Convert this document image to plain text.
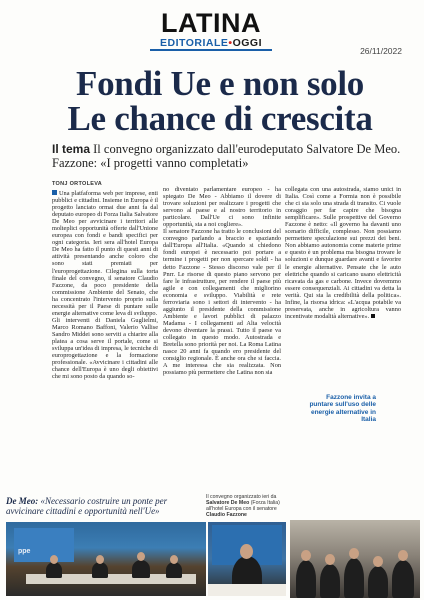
LATINA
EDITORIALE•OGGI
26/11/2022
Fondi Ue e non solo
Le chance di crescita
Il tema Il convegno organizzato dall'eurodeputato Salvatore De Meo. Fazzone: «I progetti vanno completati»
TONJ ORTOLEVA

Una platfaforma web per imprese, enti pubblici e cittadini. Insieme in Europa è il progetto lanciato ormai due anni fa dal deputato europeo di Forza Italia Salvatore De Meo per avvicinare i territori alle molteplici opportunità offerte dall'Unione europea con fondi e bandi specifici per ogni categoria. Ieri sera all'hotel Europa De Meo ha fatto il punto di questi anni di attività presentando anche coloro che sono stati premiati per l'europrogettazione. Cilegina sulla torta finale del convegno, il senatore Claudio Fazzone, da poco presidente della commissione Ambiente del Senato, che ha concentrato l'intervento proprio sulla necessità per il Paese di puntare sulle energie alternative come leva di sviluppo.

Gli interventi di Daniela Guglielmi, Marco Romano Baffoni, Valerio Vallise Sandro Middei sono serviti a chiarire alla platea a cosa serve il portale, come si sviluppa un'idea di impresa, le tecniche di europrogettazione e la formazione professionale. «Avvicinare i cittadini alle chance dell'Europa è uno degli obiettivi che mi sono posto da quando so-

no diventato parlamentare europeo - ha spiegato De Meo - Abbiamo il dovere di trovare soluzioni per realizzare i progetti che servono al paese e al nostro territorio in particolare. Dall'Ue ci sono infinite opportunità, sta a noi cogliere».

Il senatore Fazzone ha tratto le conclusioni del convegno parlando a braccio e spaziando dall'Europa all'Italia. «Quando si chiedono fondi europei è necessario poi portare a termine i progetti per non spercare soldi - ha detto Fazzone - Stesso discorso vale per il Pnrr. Le risorse di questo piano servono per fare le infrastrutture, per rendere il paese più agile e con collegamenti che migliorino economia e sviluppo. Viabilità e rete ferroviaria sono i settori di intervento - ha aggiunto il presidente della commissione Ambiente e lavori pubblici di palazzo Madama - I collegamenti ad Alta velocità devono diventare la prassi. Tutto il paese va collegato in questo modo. Autostrada e Bretella sono priorità per noi. La Roma Latina nasce 20 anni fa quando ero presidente del consiglio regionale. È anche ora che si faccia. A me interessa che sia realizzata. Non possiamo più permettere che Latina non sia

collegata con una autostrada, siamo unici in Italia. Così come a Formia non è possibile che ci sia solo una strada di transito. Ci vuole coraggio per far capire che bisogna semplificare». Sulle prospettive del Governo Fazzone è netto: «Il governo ha davanti uno scenario difficile, complesso. Non possiamo permettere speculazione sui prezzi dei beni. Non abbiamo autonomia come materie prime e questo è un problema ma bisogna trovare le soluzioni e dunque guardare avanti e favorire le energie alternative. Pensate che le auto elettriche quando si caricano usano elettricità ricavata da gas e carbone. Invece dovremmo essere consequenziali. Ai cittadini va detta la verità. Qui sta la credibilità della politica». Infine, la risorsa idrica: «L'acqua potabile va preservata, anche in agricoltura vanno incentivate modalità alternative».

Fazzone invita a puntare sull'uso delle energie alternative in Italia
De Meo: «Necessario costruire un ponte per avvicinare cittadini e opportunità nell'Ue»
Il convegno organizzato ieri da Salvatore De Meo (Forza Italia) all'hotel Europa con il senatore Claudio Fazzone
ppe
